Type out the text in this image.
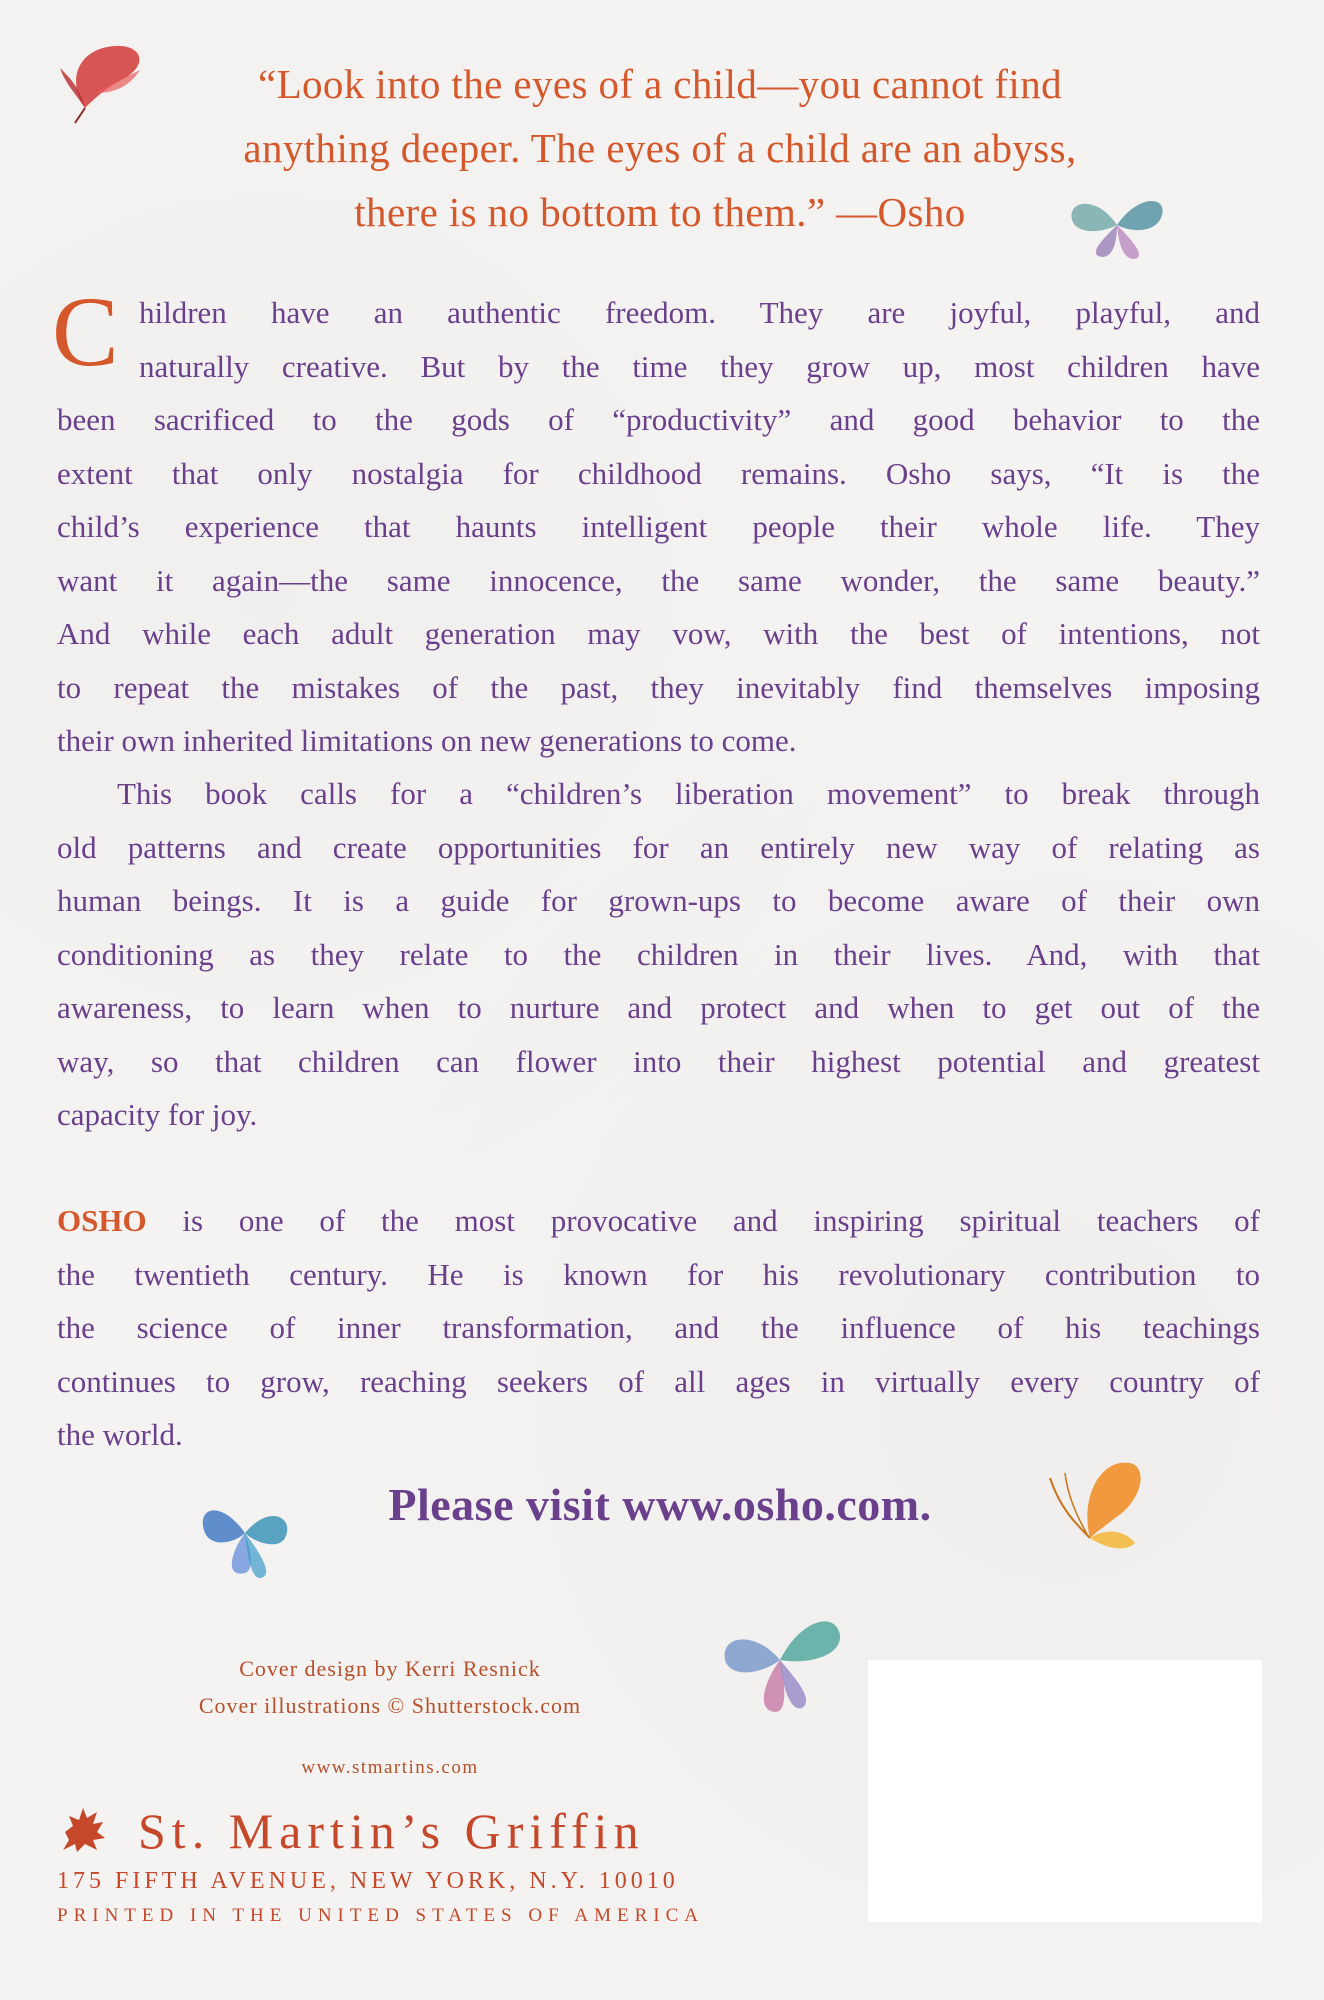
“Look into the eyes of a child—you cannot find
anything deeper. The eyes of a child are an abyss,
there is no bottom to them.” —Osho
C hildren have an authentic freedom. They are joyful, playful, and
naturally creative. But by the time they grow up, most children have
been sacrificed to the gods of “productivity” and good behavior to the
extent that only nostalgia for childhood remains. Osho says, “It is the
child’s experience that haunts intelligent people their whole life. They
want it again—the same innocence, the same wonder, the same beauty.”
And while each adult generation may vow, with the best of intentions, not
to repeat the mistakes of the past, they inevitably find themselves imposing
their own inherited limitations on new generations to come.
This book calls for a “children’s liberation movement” to break through
old patterns and create opportunities for an entirely new way of relating as
human beings. It is a guide for grown-ups to become aware of their own
conditioning as they relate to the children in their lives. And, with that
awareness, to learn when to nurture and protect and when to get out of the
way, so that children can flower into their highest potential and greatest
capacity for joy.
OSHO is one of the most provocative and inspiring spiritual teachers of
the twentieth century. He is known for his revolutionary contribution to
the science of inner transformation, and the influence of his teachings
continues to grow, reaching seekers of all ages in virtually every country of
the world.
Please visit www.osho.com.
Cover design by Kerri Resnick
Cover illustrations © Shutterstock.com
www.stmartins.com
St. Martin’s Griffin
175 FIFTH AVENUE, NEW YORK, N.Y. 10010
PRINTED IN THE UNITED STATES OF AMERICA
